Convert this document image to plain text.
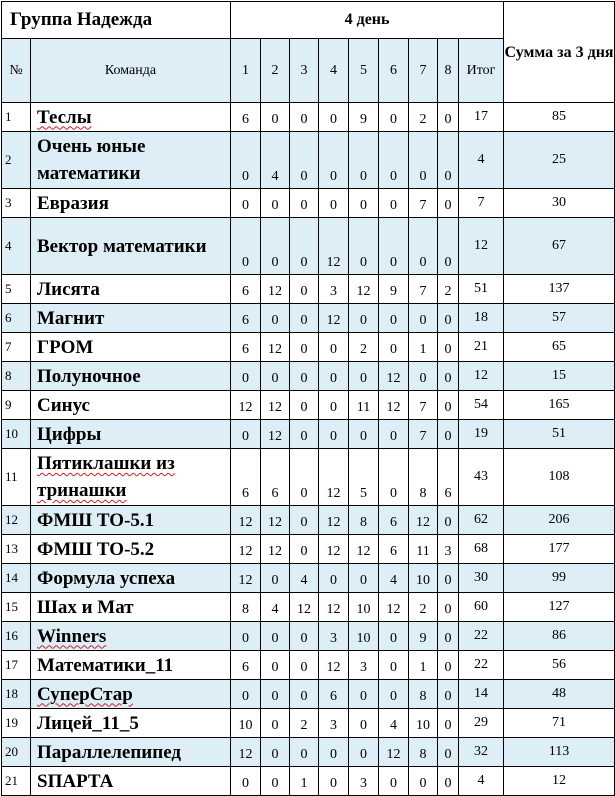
Группа Надежда		4 день									Сумма за 3 дня
№	Команда	1	2	3	4	5	6	7	8	Итог	
1	Теслы	6	0	0	0	9	0	2	0	17	85
2	Очень юные математики	0	4	0	0	0	0	0	0	4	25
3	Евразия	0	0	0	0	0	0	7	0	7	30
4	Вектор математики	0	0	0	12	0	0	0	0	12	67
5	Лисята	6	12	0	3	12	9	7	2	51	137
6	Магнит	6	0	0	12	0	0	0	0	18	57
7	ГРОМ	6	12	0	0	2	0	1	0	21	65
8	Полуночное	0	0	0	0	0	12	0	0	12	15
9	Синус	12	12	0	0	11	12	7	0	54	165
10	Цифры	0	12	0	0	0	0	7	0	19	51
11	Пятиклашки из тринашки	6	6	0	12	5	0	8	6	43	108
12	ФМШ ТО-5.1	12	12	0	12	8	6	12	0	62	206
13	ФМШ ТО-5.2	12	12	0	12	12	6	11	3	68	177
14	Формула успеха	12	0	4	0	0	4	10	0	30	99
15	Шах и Мат	8	4	12	12	10	12	2	0	60	127
16	Winners	0	0	0	3	10	0	9	0	22	86
17	Математики_11	6	0	0	12	3	0	1	0	22	56
18	СуперСтар	0	0	0	6	0	0	8	0	14	48
19	Лицей_11_5	10	0	2	3	0	4	10	0	29	71
20	Параллелепипед	12	0	0	0	0	12	8	0	32	113
21	SПАРТА	0	0	1	0	3	0	0	0	4	12
